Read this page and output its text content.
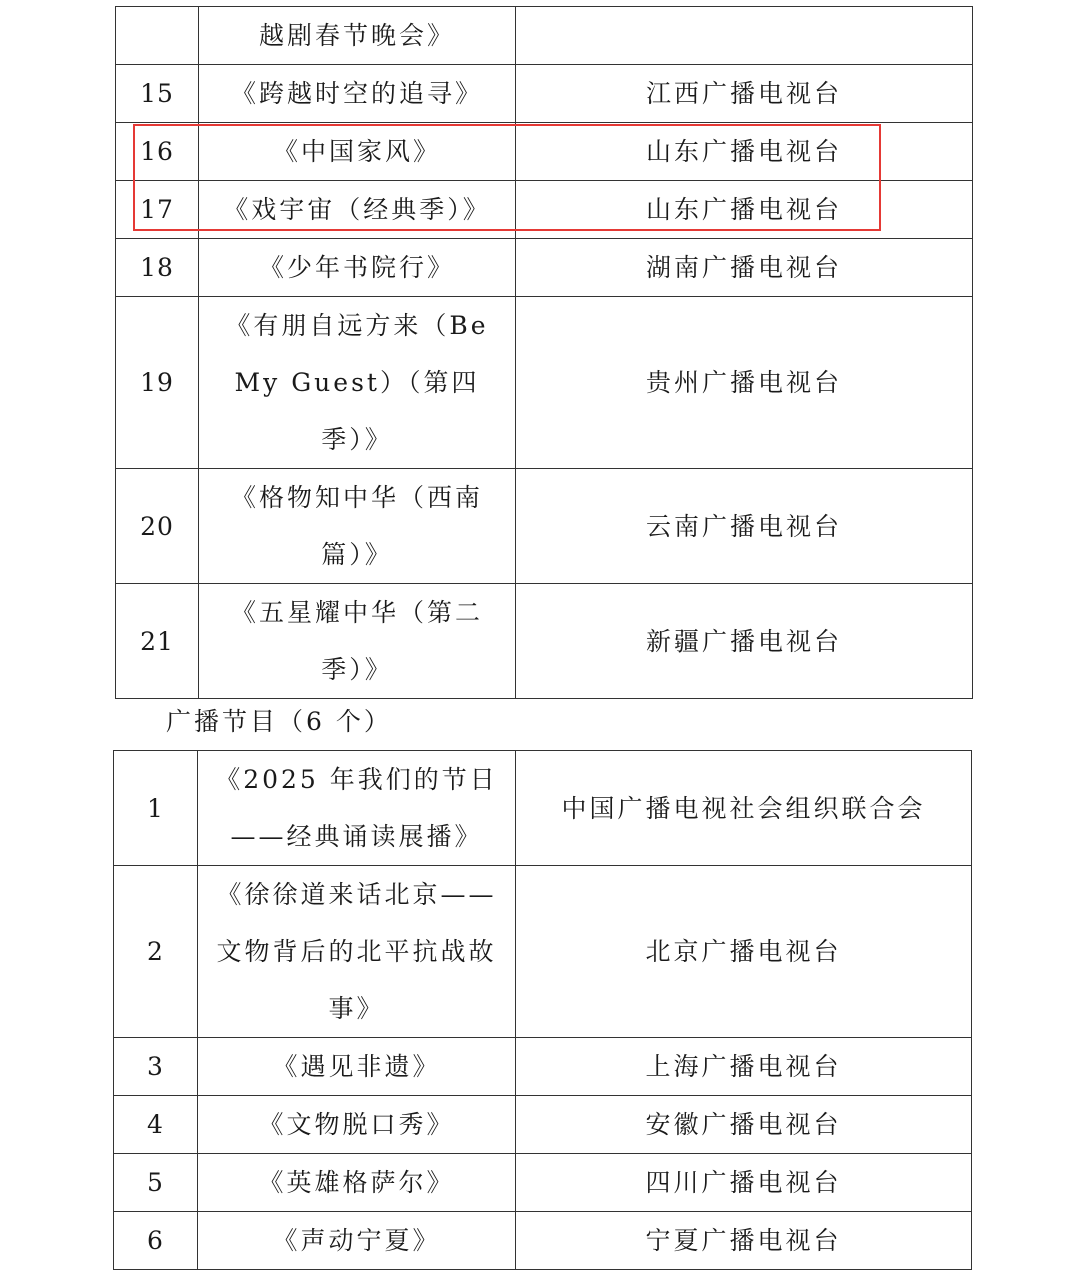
	越剧春节晚会》	
15	《跨越时空的追寻》	江西广播电视台
16	《中国家风》	山东广播电视台
17	《戏宇宙（经典季）》	山东广播电视台
18	《少年书院行》	湖南广播电视台
19	《有朋自远方来（Be My Guest）（第四季）》	贵州广播电视台
20	《格物知中华（西南篇）》	云南广播电视台
21	《五星耀中华（第二季）》	新疆广播电视台
广播节目（6 个）
1	《2025 年我们的节日——经典诵读展播》	中国广播电视社会组织联合会
2	《徐徐道来话北京——文物背后的北平抗战故事》	北京广播电视台
3	《遇见非遗》	上海广播电视台
4	《文物脱口秀》	安徽广播电视台
5	《英雄格萨尔》	四川广播电视台
6	《声动宁夏》	宁夏广播电视台
